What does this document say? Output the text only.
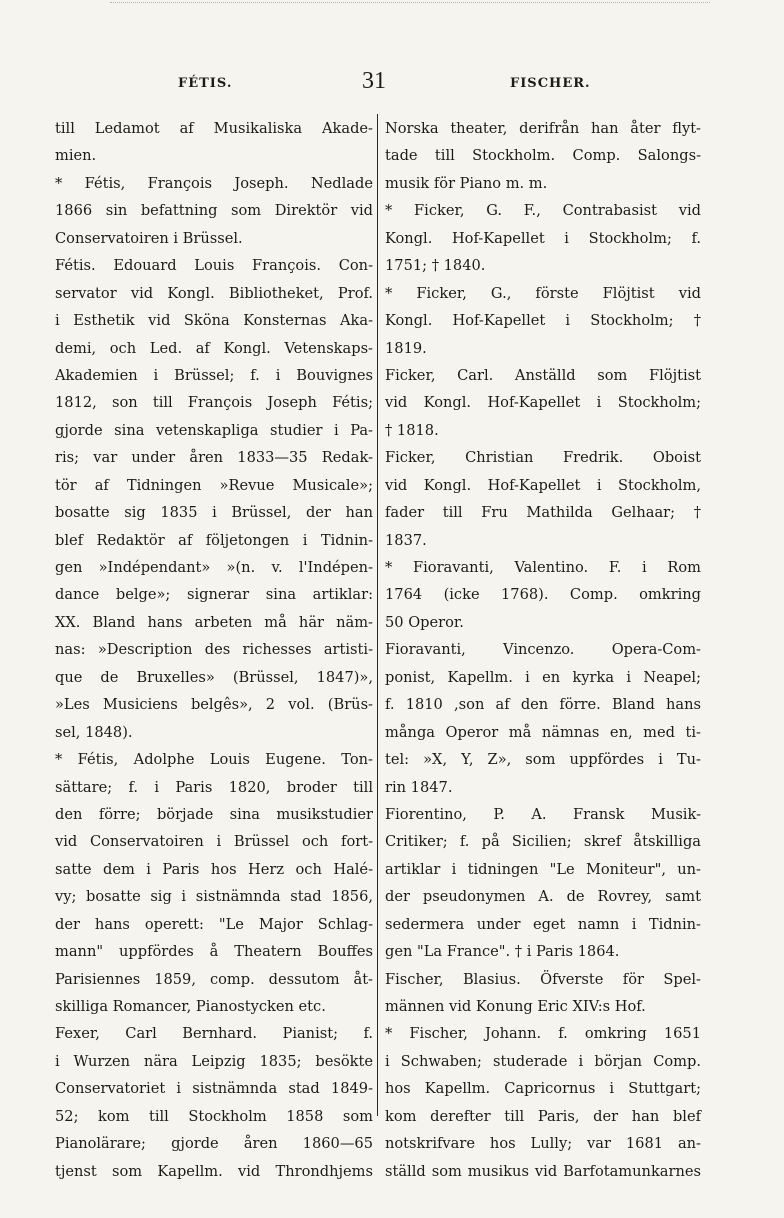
FÉTIS.	31	FISCHER.
till Ledamot af Musikaliska Akade-
mien.
* Fétis, François Joseph. Nedlade
1866 sin befattning som Direktör vid
Conservatoiren i Brüssel.
Fétis. Edouard Louis François. Con-
servator vid Kongl. Bibliotheket, Prof.
i Esthetik vid Sköna Konsternas Aka-
demi, och Led. af Kongl. Vetenskaps-
Akademien i Brüssel; f. i Bouvignes
1812, son till François Joseph Fétis;
gjorde sina vetenskapliga studier i Pa-
ris; var under åren 1833—35 Redak-
tör af Tidningen »Revue Musicale»;
bosatte sig 1835 i Brüssel, der han
blef Redaktör af följetongen i Tidnin-
gen »Indépendant» »(n. v. l'Indépen-
dance belge»; signerar sina artiklar:
XX. Bland hans arbeten må här näm-
nas: »Description des richesses artisti-
que de Bruxelles» (Brüssel, 1847)»,
»Les Musiciens belgês», 2 vol. (Brüs-
sel, 1848).
* Fétis, Adolphe Louis Eugene. Ton-
sättare; f. i Paris 1820, broder till
den förre; började sina musikstudier
vid Conservatoiren i Brüssel och fort-
satte dem i Paris hos Herz och Halé-
vy; bosatte sig i sistnämnda stad 1856,
der hans operett: "Le Major Schlag-
mann" uppfördes å Theatern Bouffes
Parisiennes 1859, comp. dessutom åt-
skilliga Romancer, Pianostycken etc.
Fexer, Carl Bernhard. Pianist; f.
i Wurzen nära Leipzig 1835; besökte
Conservatoriet i sistnämnda stad 1849-
52; kom till Stockholm 1858 som
Pianolärare; gjorde åren 1860—65
tjenst som Kapellm. vid Throndhjems
Norska theater, derifrån han åter flyt-
tade till Stockholm. Comp. Salongs-
musik för Piano m. m.
* Ficker, G. F., Contrabasist vid
Kongl. Hof-Kapellet i Stockholm; f.
1751; † 1840.
* Ficker, G., förste Flöjtist vid
Kongl. Hof-Kapellet i Stockholm; †
1819.
Ficker, Carl. Anställd som Flöjtist
vid Kongl. Hof-Kapellet i Stockholm;
† 1818.
Ficker, Christian Fredrik. Oboist
vid Kongl. Hof-Kapellet i Stockholm,
fader till Fru Mathilda Gelhaar; †
1837.
* Fioravanti, Valentino. F. i Rom
1764 (icke 1768). Comp. omkring
50 Operor.
Fioravanti, Vincenzo. Opera-Com-
ponist, Kapellm. i en kyrka i Neapel;
f. 1810 ,son af den förre. Bland hans
många Operor må nämnas en, med ti-
tel: »X, Y, Z», som uppfördes i Tu-
rin 1847.
Fiorentino, P. A. Fransk Musik-
Critiker; f. på Sicilien; skref åtskilliga
artiklar i tidningen "Le Moniteur", un-
der pseudonymen A. de Rovrey, samt
sedermera under eget namn i Tidnin-
gen "La France". † i Paris 1864.
Fischer, Blasius. Öfverste för Spel-
männen vid Konung Eric XIV:s Hof.
* Fischer, Johann. f. omkring 1651
i Schwaben; studerade i början Comp.
hos Kapellm. Capricornus i Stuttgart;
kom derefter till Paris, der han blef
notskrifvare hos Lully; var 1681 an-
ställd som musikus vid Barfotamunkarnes
